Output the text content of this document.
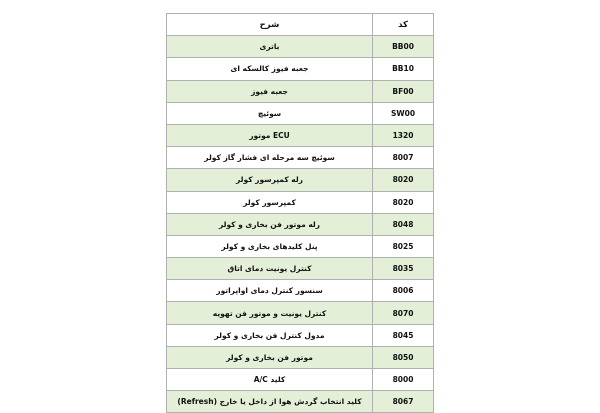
کد	شرح
BB00	باتری
BB10	جعبه فیوز کالسکه ای
BF00	جعبه فیوز
SW00	سوئیچ
1320	ECU موتور
8007	سوئیچ سه مرحله ای فشار گاز کولر
8020	رله کمپرسور کولر
8020	کمپرسور کولر
8048	رله موتور فن بخاری و کولر
8025	پنل کلیدهای بخاری و کولر
8035	کنترل یونیت دمای اتاق
8006	سنسور کنترل دمای اواپراتور
8070	کنترل یونیت و موتور فن تهویه
8045	مدول کنترل فن بخاری و کولر
8050	موتور فن بخاری و کولر
8000	کلید A/C
8067	کلید انتخاب گردش هوا از داخل یا خارج (Refresh)
